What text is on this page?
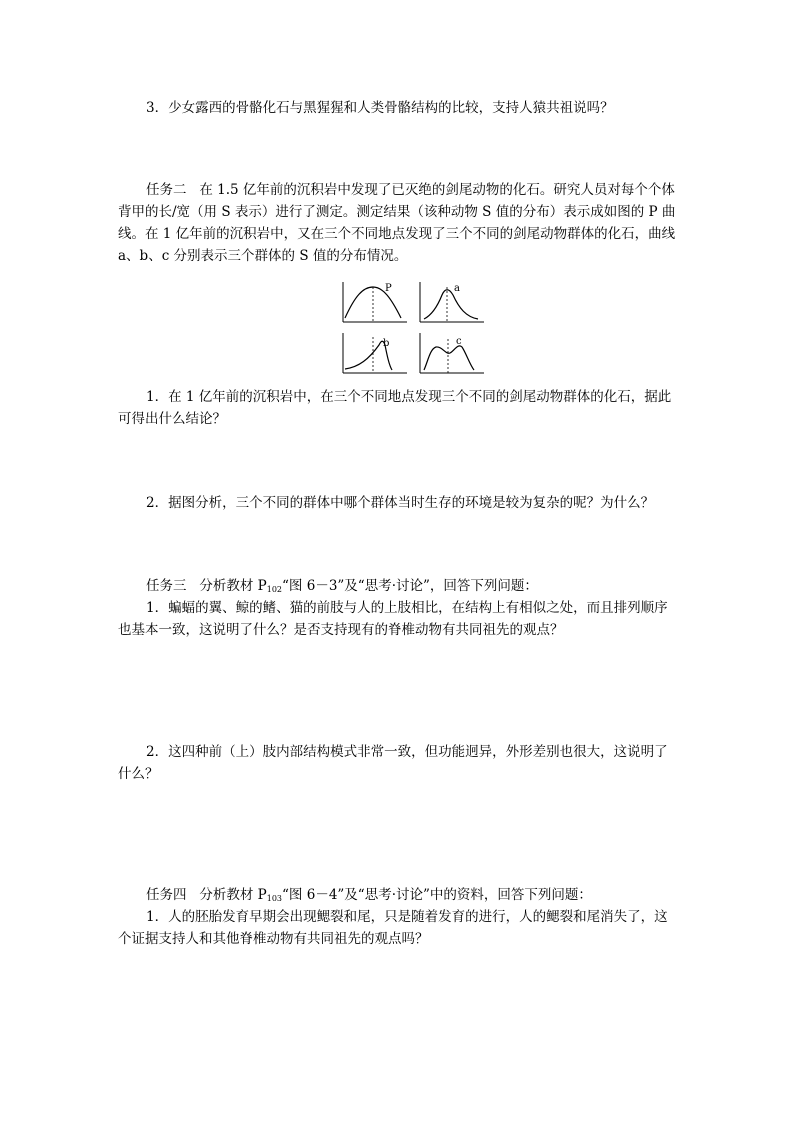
3．少女露西的骨骼化石与黑猩猩和人类骨骼结构的比较，支持人猿共祖说吗？

任务二 在 1.5 亿年前的沉积岩中发现了已灭绝的剑尾动物的化石。研究人员对每个个体背甲的长/宽（用 S 表示）进行了测定。测定结果（该种动物 S 值的分布）表示成如图的 P 曲线。在 1 亿年前的沉积岩中，又在三个不同地点发现了三个不同的剑尾动物群体的化石，曲线 a、b、c 分别表示三个群体的 S 值的分布情况。

P	a
b	c

1．在 1 亿年前的沉积岩中，在三个不同地点发现三个不同的剑尾动物群体的化石，据此可得出什么结论？

2．据图分析，三个不同的群体中哪个群体当时生存的环境是较为复杂的呢？为什么？

任务三 分析教材 $P_{102}“$图 6－3”及“思考·讨论”，回答下列问题：

1．蝙蝠的翼、鲸的鳍、猫的前肢与人的上肢相比，在结构上有相似之处，而且排列顺序也基本一致，这说明了什么？是否支持现有的脊椎动物有共同祖先的观点？

2．这四种前（上）肢内部结构模式非常一致，但功能迥异，外形差别也很大，这说明了什么？

任务四 分析教材 $P_{103}“$图 6－4”及“思考·讨论”中的资料，回答下列问题：

1．人的胚胎发育早期会出现鳃裂和尾，只是随着发育的进行，人的鳃裂和尾消失了，这个证据支持人和其他脊椎动物有共同祖先的观点吗？
